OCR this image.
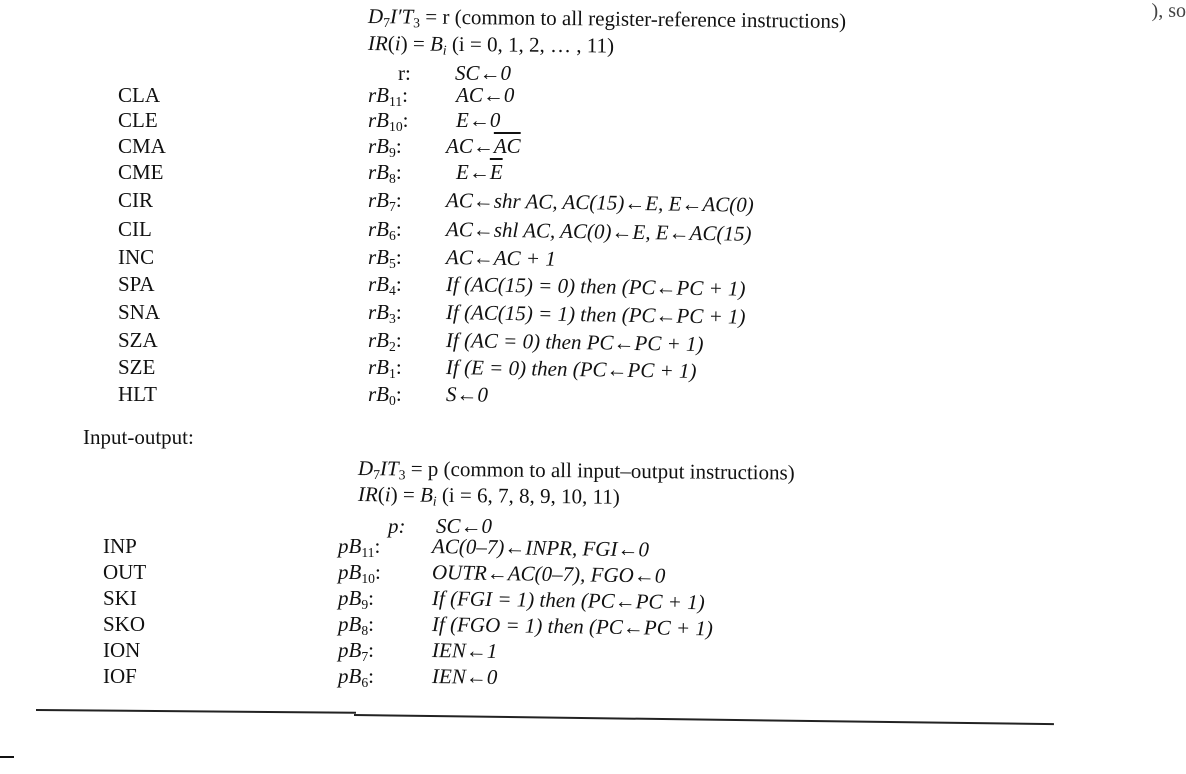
), so
$D_7I'T_3 = r$ (common to all register-reference instructions)
$IR(i) = B_i$ (i = 0, 1, 2, … , 11)
r: SC←0
CLA	$rB_{11}$: AC←0
CLE	$rB_{10}$: E←0
CMA	$rB_9$: $AC\leftarrow\overline{AC}$
CME	$rB_8$:	$E\leftarrow\overline{E}$
CIR	$rB_7$: AC←shr AC, AC(15)←E, E←AC(0)
CIL	$rB_6$: AC←shl AC, AC(0)←E, E←AC(15)
INC	$rB_5$: AC←AC + 1
SPA	$rB_4$: If (AC(15) = 0) then (PC←PC + 1)
SNA	$rB_3$: If (AC(15) = 1) then (PC←PC + 1)
SZA	$rB_2$: If (AC = 0) then PC←PC + 1)
SZE	$rB_1$: If (E = 0) then (PC←PC + 1)
HLT	$rB_0$: S←0
Input-output:
$D_7IT_3 = p$ (common to all input–output instructions)
$IR(i) = B_i$ (i = 6, 7, 8, 9, 10, 11)
p: SC←0
INP	$pB_{11}$: AC(0–7)←INPR, FGI←0
OUT	$pB_{10}$: OUTR←AC(0–7), FGO←0
SKI	$pB_9$:	If (FGI = 1) then (PC←PC + 1)
SKO	$pB_8$:	If (FGO = 1) then (PC←PC + 1)
ION	$pB_7$:	IEN←1
IOF	$pB_6$:	IEN←0
